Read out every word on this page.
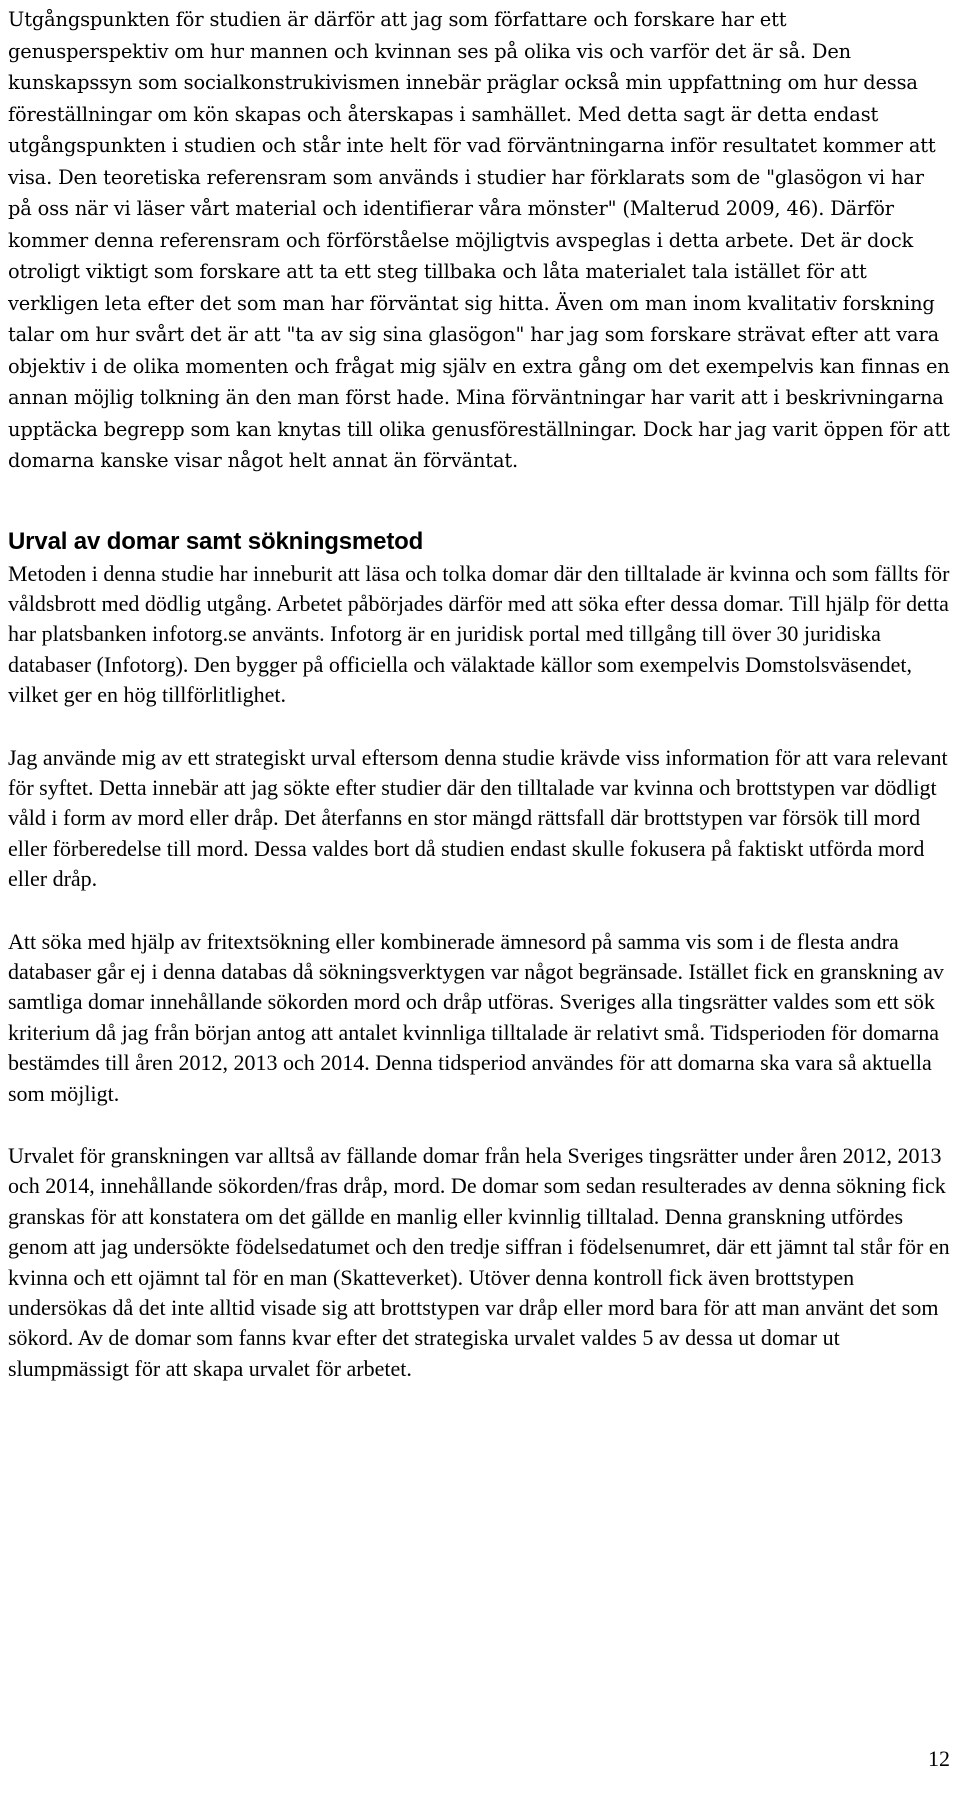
Utgångspunkten för studien är därför att jag som författare och forskare har ett genusperspektiv om hur mannen och kvinnan ses på olika vis och varför det är så. Den kunskapssyn som socialkonstrukivismen innebär präglar också min uppfattning om hur dessa föreställningar om kön skapas och återskapas i samhället. Med detta sagt är detta endast utgångspunkten i studien och står inte helt för vad förväntningarna inför resultatet kommer att visa. Den teoretiska referensram som används i studier har förklarats som de "glasögon vi har på oss när vi läser vårt material och identifierar våra mönster" (Malterud 2009, 46). Därför kommer denna referensram och förförståelse möjligtvis avspeglas i detta arbete. Det är dock otroligt viktigt som forskare att ta ett steg tillbaka och låta materialet tala istället för att verkligen leta efter det som man har förväntat sig hitta. Även om man inom kvalitativ forskning talar om hur svårt det är att "ta av sig sina glasögon" har jag som forskare strävat efter att vara objektiv i de olika momenten och frågat mig själv en extra gång om det exempelvis kan finnas en annan möjlig tolkning än den man först hade. Mina förväntningar har varit att i beskrivningarna upptäcka begrepp som kan knytas till olika genusföreställningar. Dock har jag varit öppen för att domarna kanske visar något helt annat än förväntat.

Urval av domar samt sökningsmetod

Metoden i denna studie har inneburit att läsa och tolka domar där den tilltalade är kvinna och som fällts för våldsbrott med dödlig utgång. Arbetet påbörjades därför med att söka efter dessa domar. Till hjälp för detta har platsbanken infotorg.se använts. Infotorg är en juridisk portal med tillgång till över 30 juridiska databaser (Infotorg). Den bygger på officiella och välaktade källor som exempelvis Domstolsväsendet, vilket ger en hög tillförlitlighet.

Jag använde mig av ett strategiskt urval eftersom denna studie krävde viss information för att vara relevant för syftet. Detta innebär att jag sökte efter studier där den tilltalade var kvinna och brottstypen var dödligt våld i form av mord eller dråp. Det återfanns en stor mängd rättsfall där brottstypen var försök till mord eller förberedelse till mord. Dessa valdes bort då studien endast skulle fokusera på faktiskt utförda mord eller dråp.

Att söka med hjälp av fritextsökning eller kombinerade ämnesord på samma vis som i de flesta andra databaser går ej i denna databas då sökningsverktygen var något begränsade. Istället fick en granskning av samtliga domar innehållande sökorden mord och dråp utföras. Sveriges alla tingsrätter valdes som ett sök kriterium då jag från början antog att antalet kvinnliga tilltalade är relativt små. Tidsperioden för domarna bestämdes till åren 2012, 2013 och 2014. Denna tidsperiod användes för att domarna ska vara så aktuella som möjligt.

Urvalet för granskningen var alltså av fällande domar från hela Sveriges tingsrätter under åren 2012, 2013 och 2014, innehållande sökorden/fras dråp, mord. De domar som sedan resulterades av denna sökning fick granskas för att konstatera om det gällde en manlig eller kvinnlig tilltalad. Denna granskning utfördes genom att jag undersökte födelsedatumet och den tredje siffran i födelsenumret, där ett jämnt tal står för en kvinna och ett ojämnt tal för en man (Skatteverket). Utöver denna kontroll fick även brottstypen undersökas då det inte alltid visade sig att brottstypen var dråp eller mord bara för att man använt det som sökord. Av de domar som fanns kvar efter det strategiska urvalet valdes 5 av dessa ut domar ut slumpmässigt för att skapa urvalet för arbetet.

12
